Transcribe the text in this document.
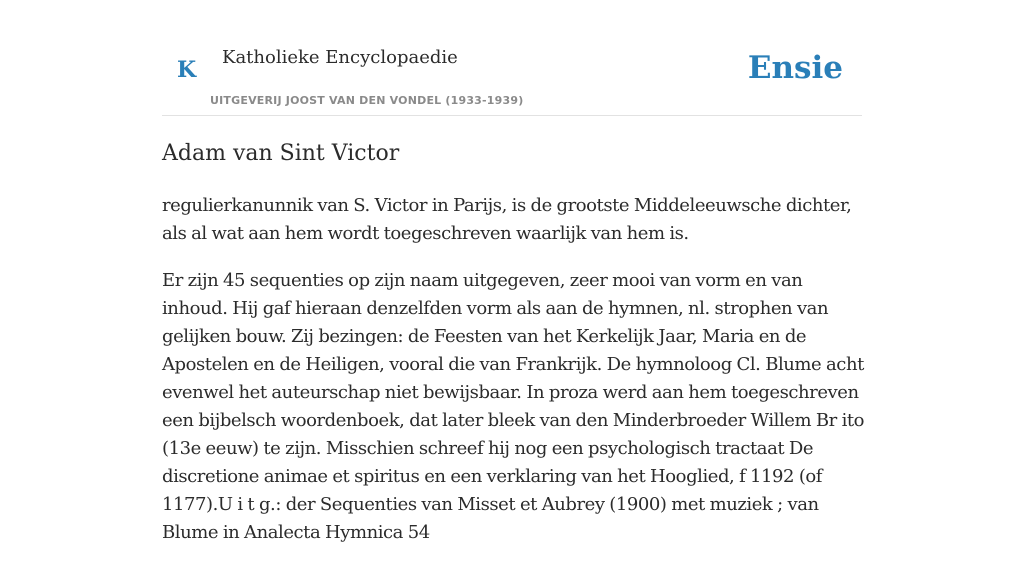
K Katholieke Encyclopaedie
UITGEVERIJ JOOST VAN DEN VONDEL (1933-1939)
Ensie
Adam van Sint Victor

regulierkanunnik van S. Victor in Parijs, is de grootste Middeleeuwsche dichter, als al wat aan hem wordt toegeschreven waarlijk van hem is.

Er zijn 45 sequenties op zijn naam uitgegeven, zeer mooi van vorm en van inhoud. Hij gaf hieraan denzelfden vorm als aan de hymnen, nl. strophen van gelijken bouw. Zij bezingen: de Feesten van het Kerkelijk Jaar, Maria en de Apostelen en de Heiligen, vooral die van Frankrijk. De hymnoloog Cl. Blume acht evenwel het auteurschap niet bewijsbaar. In proza werd aan hem toegeschreven een bijbelsch woordenboek, dat later bleek van den Minderbroeder Willem Br ito (13e eeuw) te zijn. Misschien schreef hij nog een psychologisch tractaat De discretione animae et spiritus en een verklaring van het Hooglied, f 1192 (of 1177).U i t g.: der Sequenties van Misset et Aubrey (1900) met muziek ; van Blume in Analecta Hymnica 54
